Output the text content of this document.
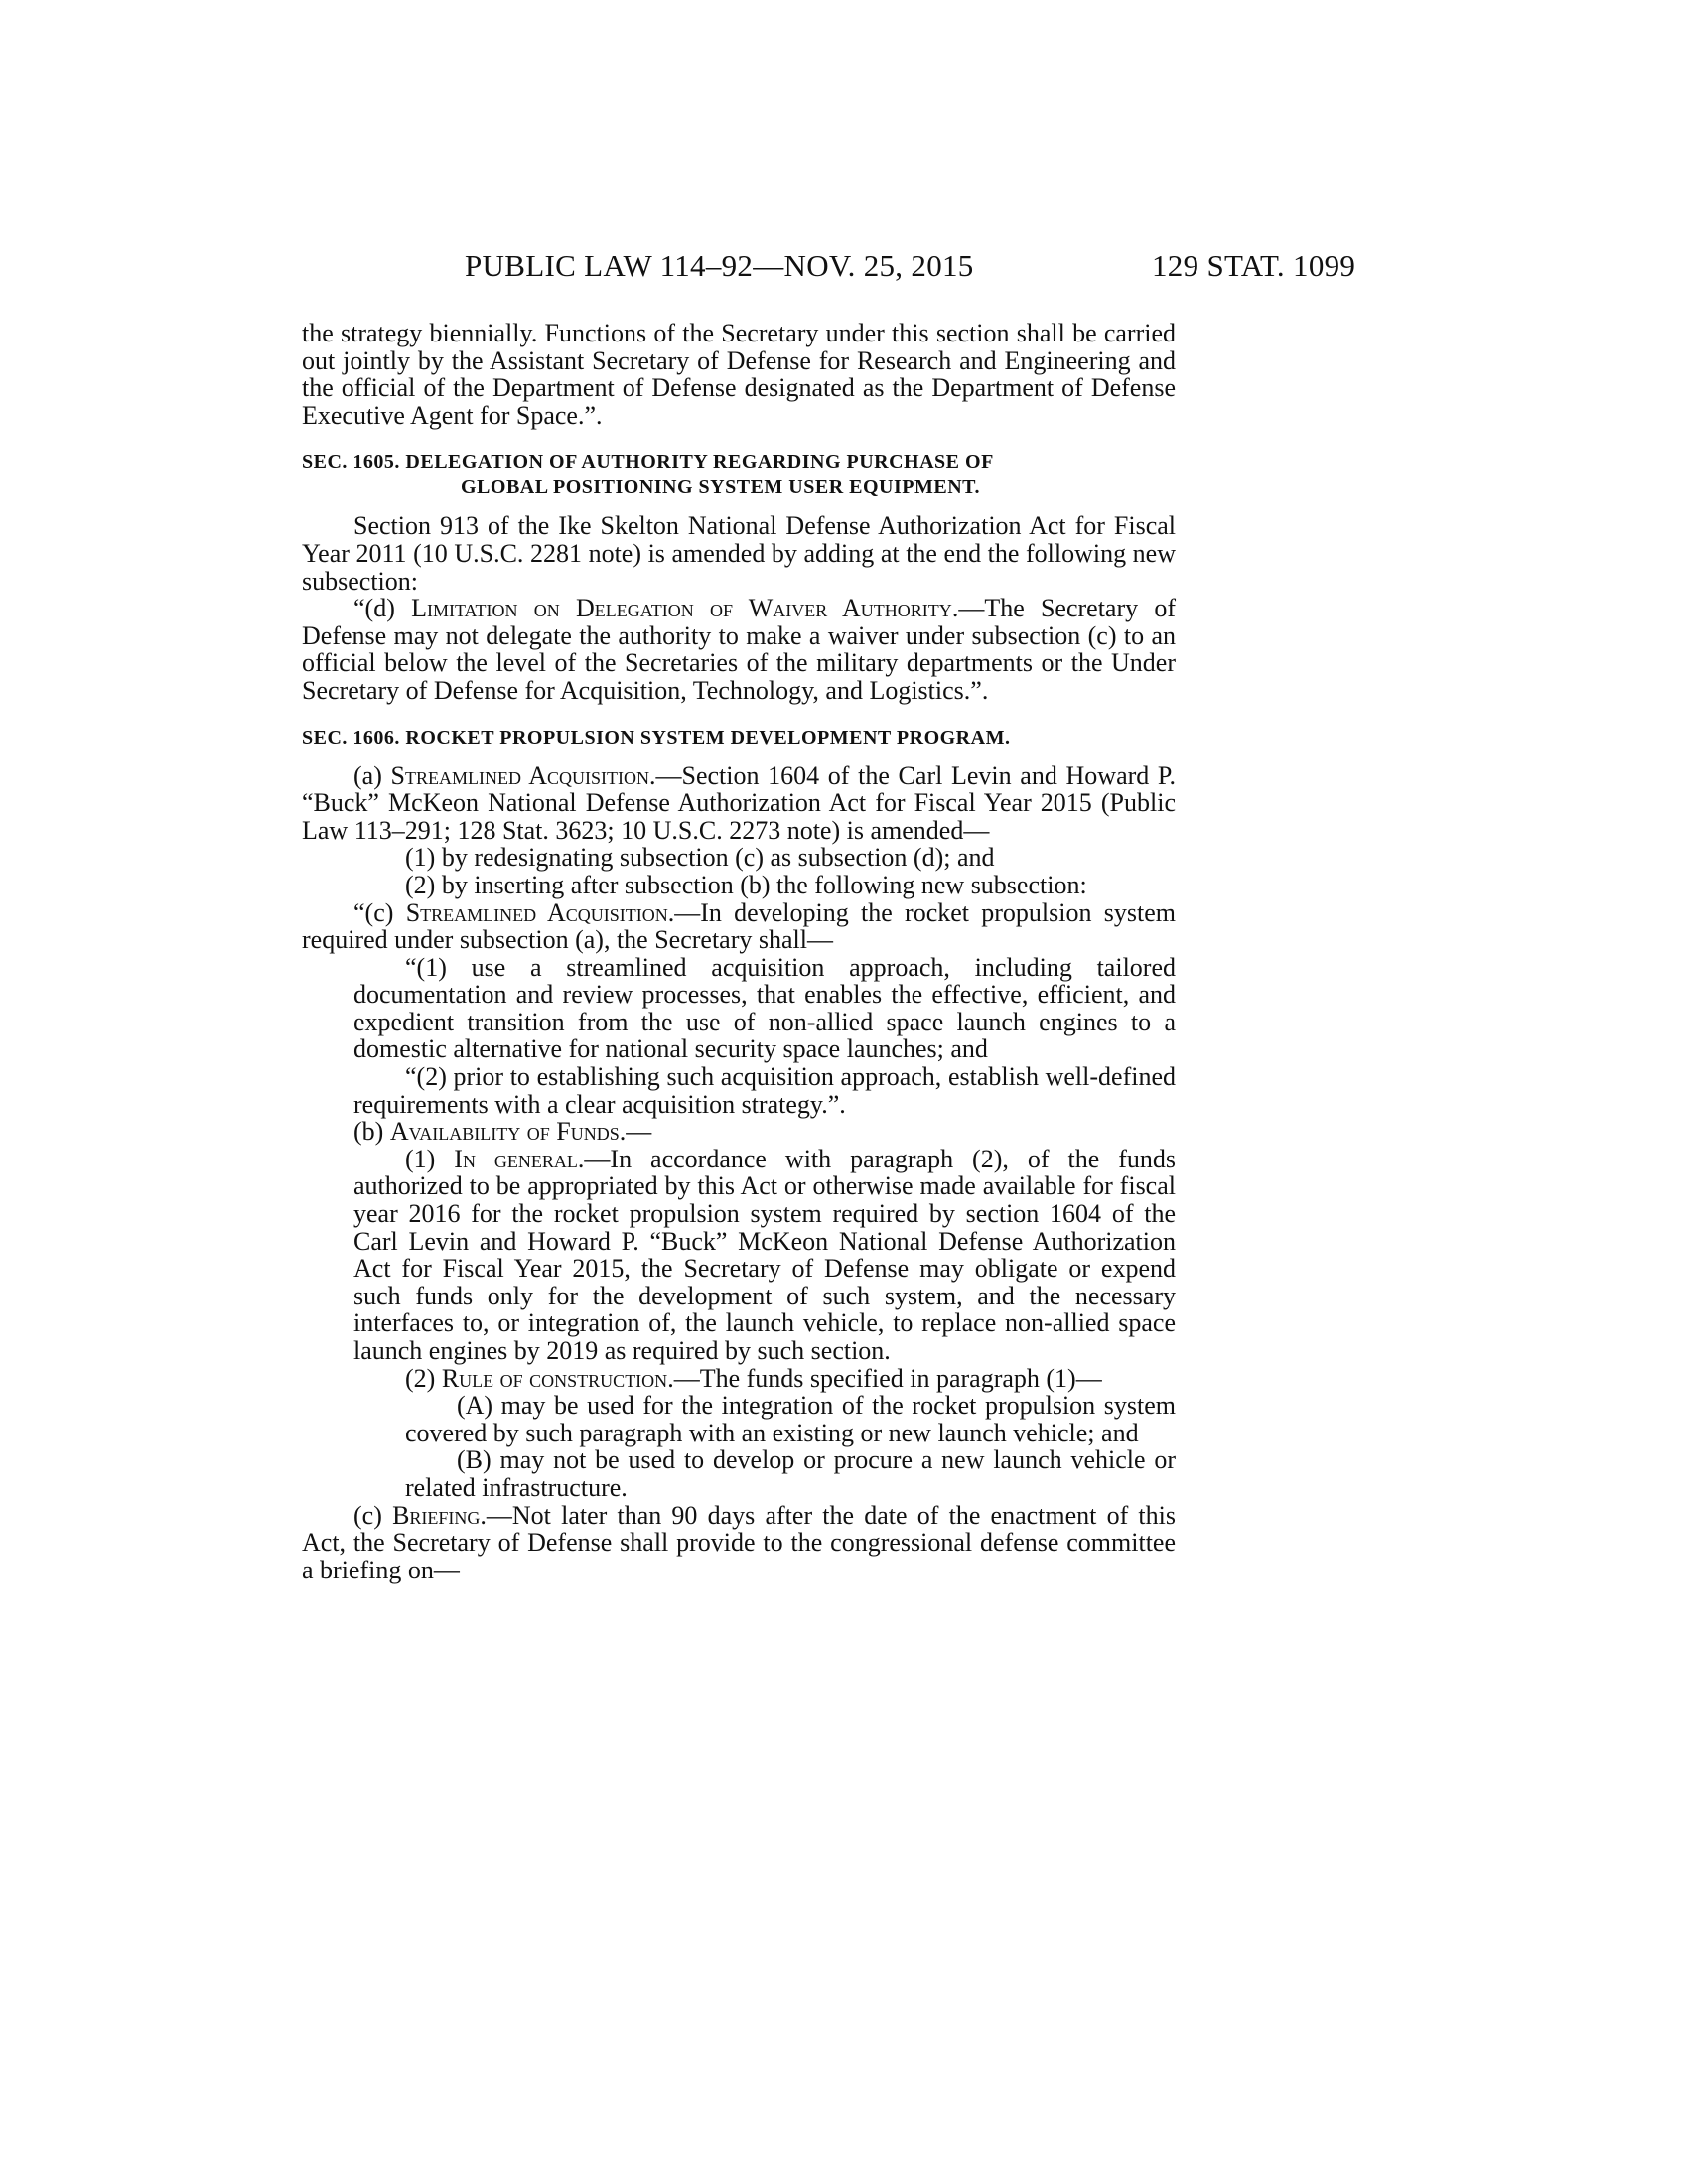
PUBLIC LAW 114–92—NOV. 25, 2015	129 STAT. 1099

the strategy biennially. Functions of the Secretary under this section shall be carried out jointly by the Assistant Secretary of Defense for Research and Engineering and the official of the Department of Defense designated as the Department of Defense Executive Agent for Space.”.

SEC. 1605. DELEGATION OF AUTHORITY REGARDING PURCHASE OF
GLOBAL POSITIONING SYSTEM USER EQUIPMENT.

Section 913 of the Ike Skelton National Defense Authorization Act for Fiscal Year 2011 (10 U.S.C. 2281 note) is amended by adding at the end the following new subsection:

“(d) Limitation on Delegation of Waiver Authority.—The Secretary of Defense may not delegate the authority to make a waiver under subsection (c) to an official below the level of the Secretaries of the military departments or the Under Secretary of Defense for Acquisition, Technology, and Logistics.”.

SEC. 1606. ROCKET PROPULSION SYSTEM DEVELOPMENT PROGRAM.

(a) Streamlined Acquisition.—Section 1604 of the Carl Levin and Howard P. “Buck” McKeon National Defense Authorization Act for Fiscal Year 2015 (Public Law 113–291; 128 Stat. 3623; 10 U.S.C. 2273 note) is amended—

(1) by redesignating subsection (c) as subsection (d); and

(2) by inserting after subsection (b) the following new subsection:

“(c) Streamlined Acquisition.—In developing the rocket propulsion system required under subsection (a), the Secretary shall—

“(1) use a streamlined acquisition approach, including tailored documentation and review processes, that enables the effective, efficient, and expedient transition from the use of non-allied space launch engines to a domestic alternative for national security space launches; and

“(2) prior to establishing such acquisition approach, establish well-defined requirements with a clear acquisition strategy.”.

(b) Availability of Funds.—

(1) In general.—In accordance with paragraph (2), of the funds authorized to be appropriated by this Act or otherwise made available for fiscal year 2016 for the rocket propulsion system required by section 1604 of the Carl Levin and Howard P. “Buck” McKeon National Defense Authorization Act for Fiscal Year 2015, the Secretary of Defense may obligate or expend such funds only for the development of such system, and the necessary interfaces to, or integration of, the launch vehicle, to replace non-allied space launch engines by 2019 as required by such section.

(2) Rule of construction.—The funds specified in paragraph (1)—

(A) may be used for the integration of the rocket propulsion system covered by such paragraph with an existing or new launch vehicle; and

(B) may not be used to develop or procure a new launch vehicle or related infrastructure.

(c) Briefing.—Not later than 90 days after the date of the enactment of this Act, the Secretary of Defense shall provide to the congressional defense committee a briefing on—
